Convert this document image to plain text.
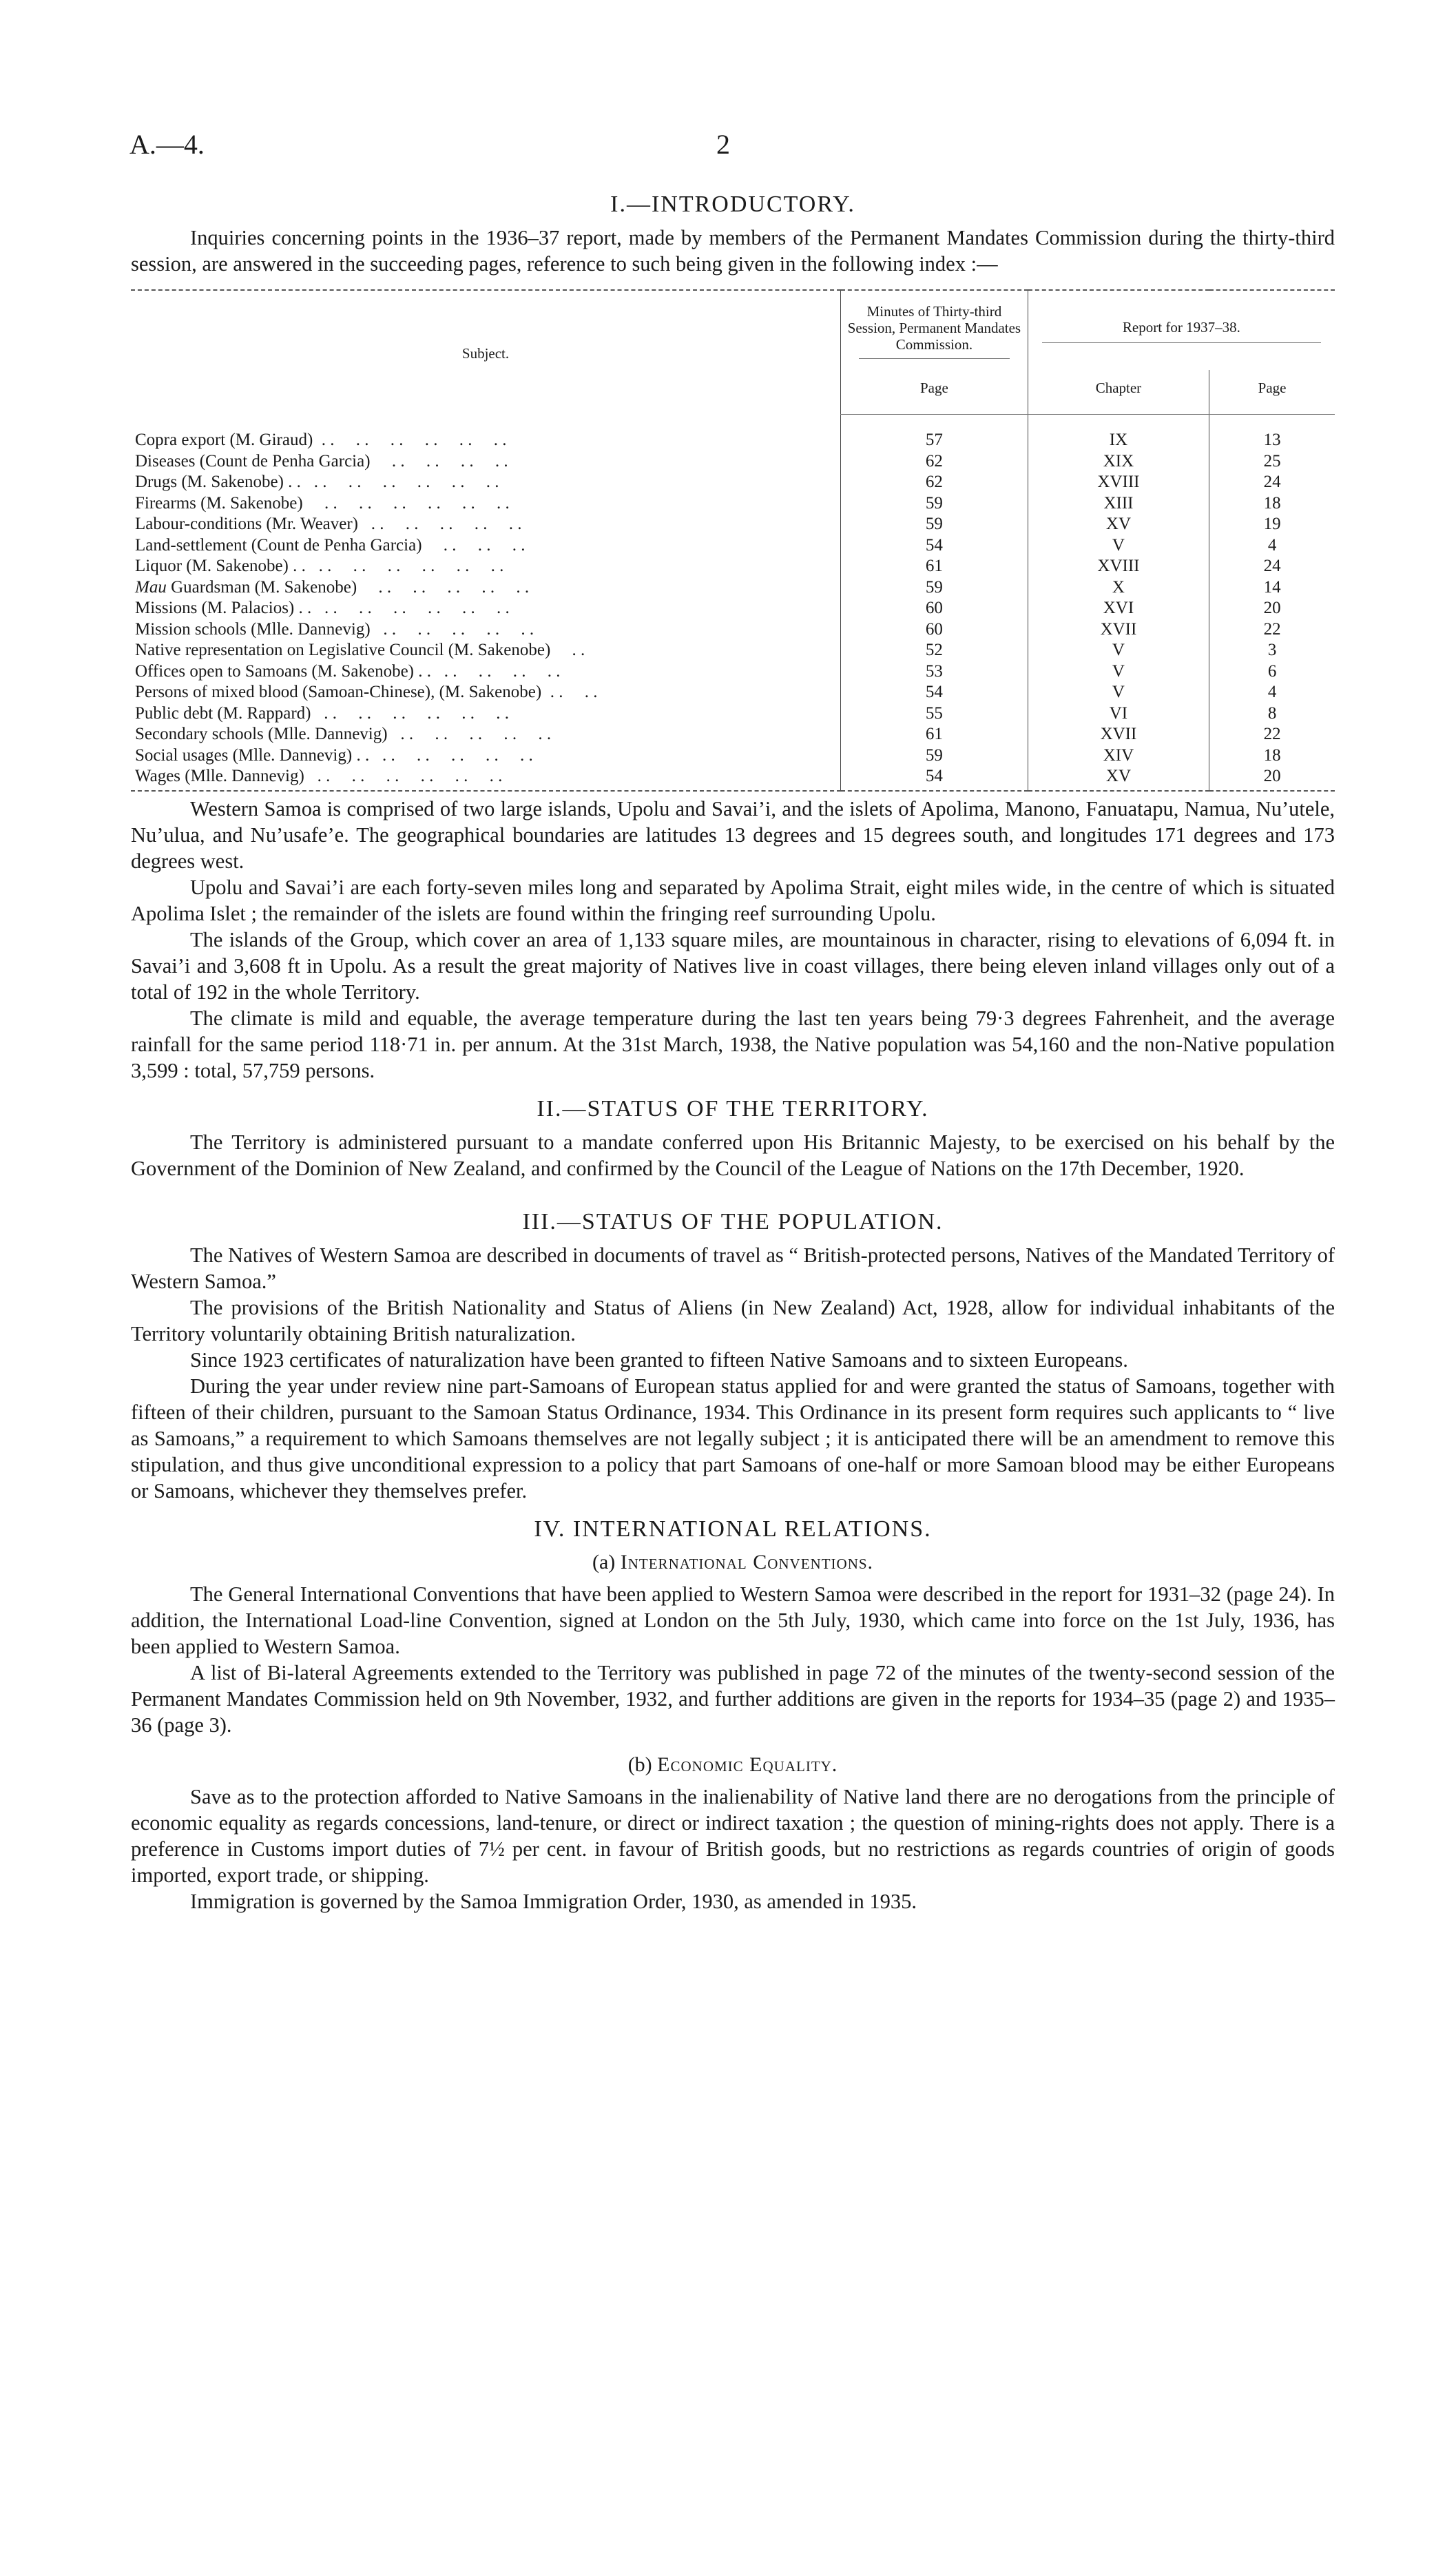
A.—4.	2
I.—INTRODUCTORY.

Inquiries concerning points in the 1936–37 report, made by members of the Permanent Mandates Commission during the thirty-third session, are answered in the succeeding pages, reference to such being given in the following index :—

Subject.	Minutes of Thirty-third Session, Permanent Mandates Commission.	Report for 1937–38.	

	Page	Chapter	Page
Copra export (M. Giraud)  . .     . .     . .     . .     . .     . .	57	IX	13
Diseases (Count de Penha Garcia)     . .     . .     . .     . .	62	XIX	25
Drugs (M. Sakenobe) . .   . .     . .     . .     . .     . .     . .	62	XVIII	24
Firearms (M. Sakenobe)     . .     . .     . .     . .     . .     . .	59	XIII	18
Labour-conditions (Mr. Weaver)   . .     . .     . .     . .     . .	59	XV	19
Land-settlement (Count de Penha Garcia)     . .     . .     . .	54	V	4
Liquor (M. Sakenobe) . .   . .     . .     . .     . .     . .     . .	61	XVIII	24
Mau Guardsman (M. Sakenobe)     . .     . .     . .     . .     . .	59	X	14
Missions (M. Palacios) . .   . .     . .     . .     . .     . .     . .	60	XVI	20
Mission schools (Mlle. Dannevig)   . .     . .     . .     . .     . .	60	XVII	22
Native representation on Legislative Council (M. Sakenobe)     . .	52	V	3
Offices open to Samoans (M. Sakenobe) . .   . .     . .     . .     . .	53	V	6
Persons of mixed blood (Samoan-Chinese), (M. Sakenobe)  . .     . .	54	V	4
Public debt (M. Rappard)   . .     . .     . .     . .     . .     . .	55	VI	8
Secondary schools (Mlle. Dannevig)   . .     . .     . .     . .     . .	61	XVII	22
Social usages (Mlle. Dannevig) . .   . .     . .     . .     . .     . .	59	XIV	18
Wages (Mlle. Dannevig)   . .     . .     . .     . .     . .     . .	54	XV	20

Western Samoa is comprised of two large islands, Upolu and Savai’i, and the islets of Apolima, Manono, Fanuatapu, Namua, Nu’utele, Nu’ulua, and Nu’usafe’e. The geographical boundaries are latitudes 13 degrees and 15 degrees south, and longitudes 171 degrees and 173 degrees west.

Upolu and Savai’i are each forty-seven miles long and separated by Apolima Strait, eight miles wide, in the centre of which is situated Apolima Islet ; the remainder of the islets are found within the fringing reef surrounding Upolu.

The islands of the Group, which cover an area of 1,133 square miles, are mountainous in character, rising to elevations of 6,094 ft. in Savai’i and 3,608 ft in Upolu. As a result the great majority of Natives live in coast villages, there being eleven inland villages only out of a total of 192 in the whole Territory.

The climate is mild and equable, the average temperature during the last ten years being 79·3 degrees Fahrenheit, and the average rainfall for the same period 118·71 in. per annum. At the 31st March, 1938, the Native population was 54,160 and the non-Native population 3,599 : total, 57,759 persons.

II.—STATUS OF THE TERRITORY.

The Territory is administered pursuant to a mandate conferred upon His Britannic Majesty, to be exercised on his behalf by the Government of the Dominion of New Zealand, and confirmed by the Council of the League of Nations on the 17th December, 1920.

III.—STATUS OF THE POPULATION.

The Natives of Western Samoa are described in documents of travel as “ British-protected persons, Natives of the Mandated Territory of Western Samoa.”

The provisions of the British Nationality and Status of Aliens (in New Zealand) Act, 1928, allow for individual inhabitants of the Territory voluntarily obtaining British naturalization.

Since 1923 certificates of naturalization have been granted to fifteen Native Samoans and to sixteen Europeans.

During the year under review nine part-Samoans of European status applied for and were granted the status of Samoans, together with fifteen of their children, pursuant to the Samoan Status Ordinance, 1934. This Ordinance in its present form requires such applicants to “ live as Samoans,” a requirement to which Samoans themselves are not legally subject ; it is anticipated there will be an amendment to remove this stipulation, and thus give unconditional expression to a policy that part Samoans of one-half or more Samoan blood may be either Europeans or Samoans, whichever they themselves prefer.

IV. INTERNATIONAL RELATIONS.
(a) International Conventions.

The General International Conventions that have been applied to Western Samoa were described in the report for 1931–32 (page 24). In addition, the International Load-line Convention, signed at London on the 5th July, 1930, which came into force on the 1st July, 1936, has been applied to Western Samoa.

A list of Bi-lateral Agreements extended to the Territory was published in page 72 of the minutes of the twenty-second session of the Permanent Mandates Commission held on 9th November, 1932, and further additions are given in the reports for 1934–35 (page 2) and 1935–36 (page 3).

(b) Economic Equality.

Save as to the protection afforded to Native Samoans in the inalienability of Native land there are no derogations from the principle of economic equality as regards concessions, land-tenure, or direct or indirect taxation ; the question of mining-rights does not apply. There is a preference in Customs import duties of 7½ per cent. in favour of British goods, but no restrictions as regards countries of origin of goods imported, export trade, or shipping.

Immigration is governed by the Samoa Immigration Order, 1930, as amended in 1935.
